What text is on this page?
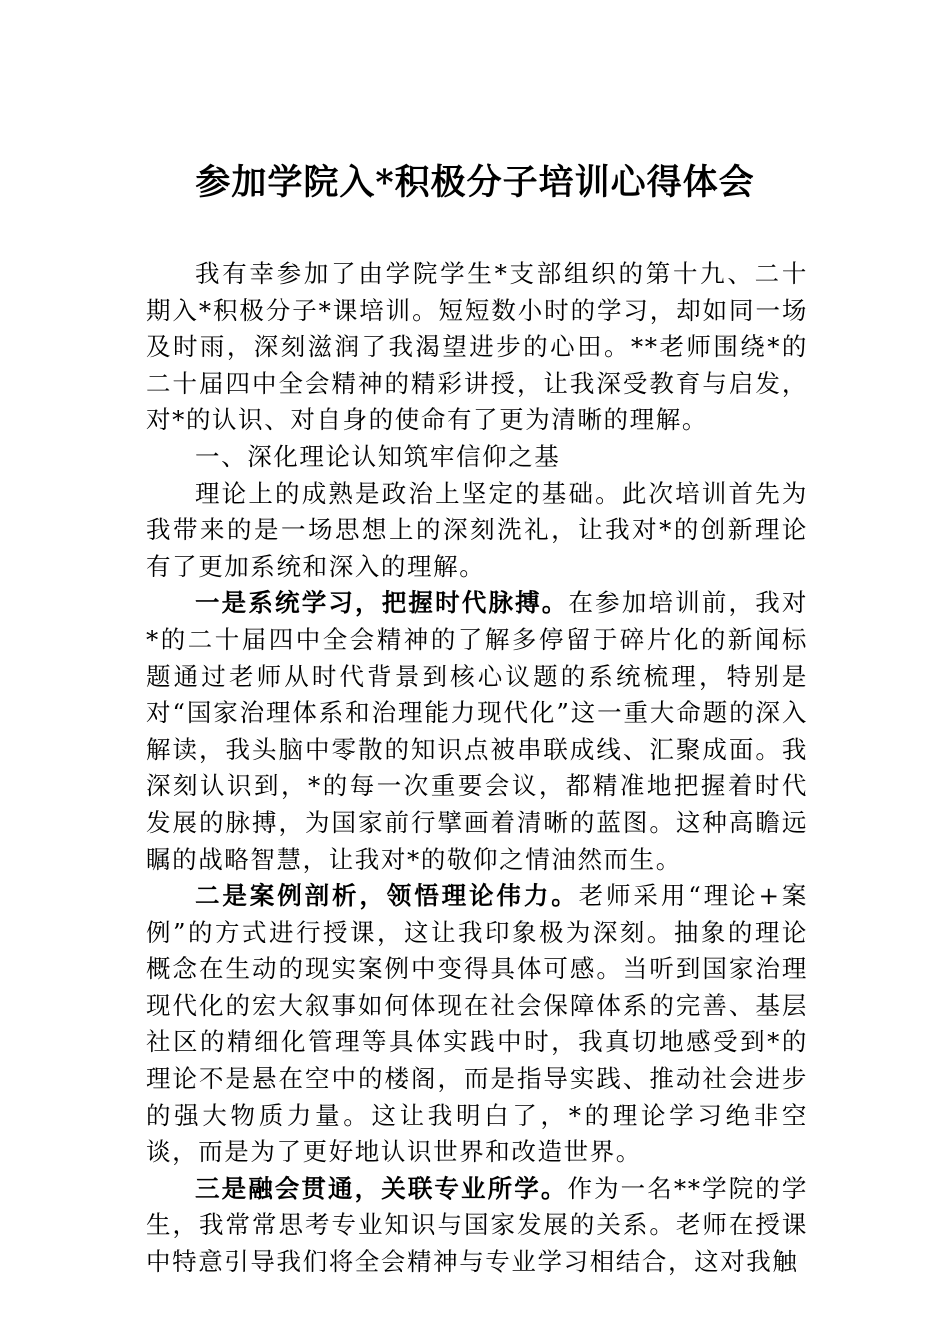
参加学院入*积极分子培训心得体会

我有幸参加了由学院学生*支部组织的第十九、二十期入*积极分子*课培训。短短数小时的学习，却如同一场及时雨，深刻滋润了我渴望进步的心田。**老师围绕*的二十届四中全会精神的精彩讲授，让我深受教育与启发，对*的认识、对自身的使命有了更为清晰的理解。

一、深化理论认知筑牢信仰之基

理论上的成熟是政治上坚定的基础。此次培训首先为我带来的是一场思想上的深刻洗礼，让我对*的创新理论有了更加系统和深入的理解。

一是系统学习，把握时代脉搏。在参加培训前，我对*的二十届四中全会精神的了解多停留于碎片化的新闻标题通过老师从时代背景到核心议题的系统梳理，特别是对“国家治理体系和治理能力现代化”这一重大命题的深入解读，我头脑中零散的知识点被串联成线、汇聚成面。我深刻认识到，*的每一次重要会议，都精准地把握着时代发展的脉搏，为国家前行擘画着清晰的蓝图。这种高瞻远瞩的战略智慧，让我对*的敬仰之情油然而生。

二是案例剖析，领悟理论伟力。老师采用“理论+案例”的方式进行授课，这让我印象极为深刻。抽象的理论概念在生动的现实案例中变得具体可感。当听到国家治理现代化的宏大叙事如何体现在社会保障体系的完善、基层社区的精细化管理等具体实践中时，我真切地感受到*的理论不是悬在空中的楼阁，而是指导实践、推动社会进步的强大物质力量。这让我明白了，*的理论学习绝非空谈，而是为了更好地认识世界和改造世界。

三是融会贯通，关联专业所学。作为一名**学院的学生，我常常思考专业知识与国家发展的关系。老师在授课中特意引导我们将全会精神与专业学习相结合，这对我触
